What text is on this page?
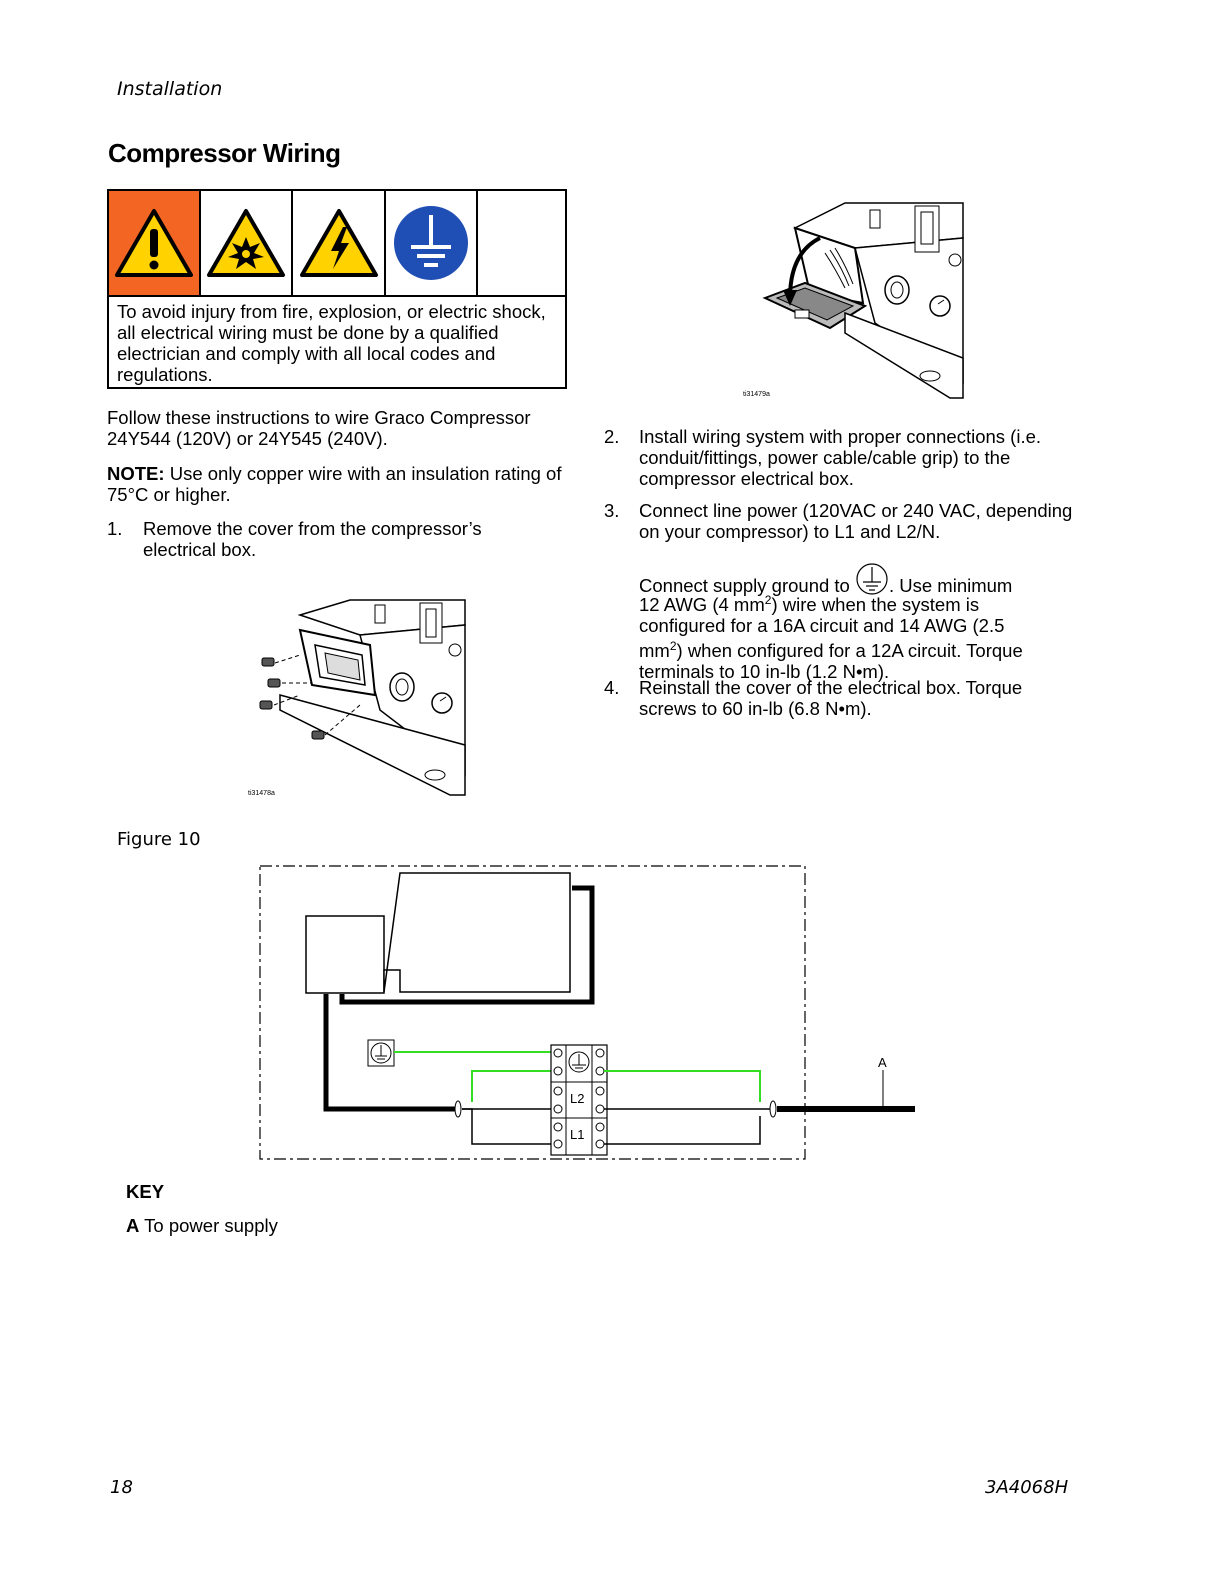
Installation
Compressor Wiring
To avoid injury from fire, explosion, or electric shock, all electrical wiring must be done by a qualified electrician and comply with all local codes and regulations.
Follow these instructions to wire Graco Compressor 24Y544 (120V) or 24Y545 (240V).
NOTE: Use only copper wire with an insulation rating of 75°C or higher.
1. Remove the cover from the compressor’s electrical box.
ti31478a
ti31479a
2. Install wiring system with proper connections (i.e. conduit/fittings, power cable/cable grip) to the compressor electrical box.
3. Connect line power (120VAC or 240 VAC, depending on your compressor) to L1 and L2/N.
Connect supply ground to . Use minimum
12 AWG (4 $mm^2$) wire when the system is
configured for a 16A circuit and 14 AWG (2.5
$mm^2$) when configured for a 12A circuit. Torque
terminals to 10 in-lb (1.2 N•m).
4. Reinstall the cover of the electrical box. Torque screws to 60 in-lb (6.8 N•m).
Figure 10
L2
L1
A
KEY
A To power supply
18	3A4068H
